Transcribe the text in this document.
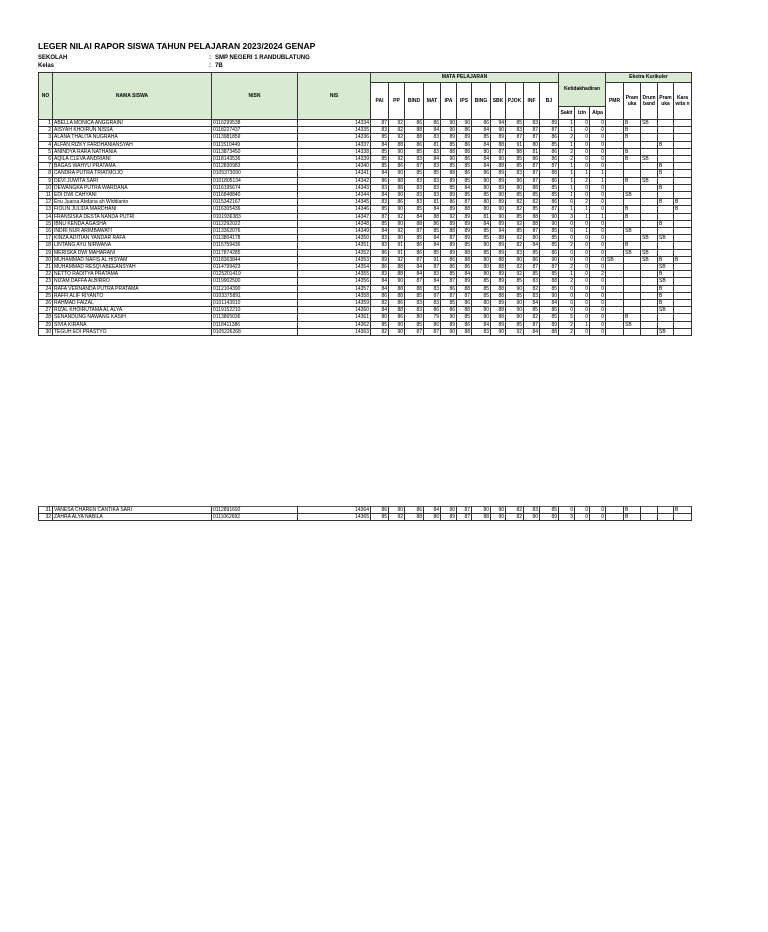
LEGER NILAI RAPOR SISWA TAHUN PELAJARAN 2023/2024 GENAP
SEKOLAH	: SMP NEGERI 1 RANDUBLATUNG
Kelas	: 7B
NO	NAMA SISWA	NISN	NIS	MATA PELAJARAN											Ketidakhadiran			Ekstra Kurikuler				
				PAI	PP	BIND	MAT	IPA	IPS	BING	SBK	PJOK	INF	BJ				PMR	Pram uka	Drum band	Pram uka	Kara wita n
															Sakit	Izin	Alpa					
1	ABELLA MONICA ANGGRAINI	0116299538	14334	87	92	86	86	90	90	86	94	85	83	89	1	0	0		B	SB		
2	AISYAH KHOIRUN NISSA	0118227437	14335	83	92	88	84	90	86	84	90	83	87	87	1	0	0		B			
3	ALANA THALITA NUGRAHA	0113981859	14336	85	92	88	83	89	89	85	89	87	87	86	2	0	0		B			
4	ALFAN RIZKY FARDHANIANSYAH	0111510449	14337	84	88	86	81	85	86	84	88	91	80	85	1	0	0				B	
5	ANINDYA RARA NATHANIA	0113873450	14338	85	90	85	83	88	88	80	87	88	81	86	2	0	0		B			
6	AQILA CLEVA ANDRIANI	0118143536	14339	85	92	83	84	90	86	84	90	85	86	86	2	0	0		B	SB		
7	BAGAS WAHYU PRATAMA	0112830983	14340	85	86	87	83	85	85	84	88	85	87	87	1	0	0				B	
8	CANDRA PUTRA TRIATMOJO	0105373090	14341	84	90	85	85	88	86	86	89	83	87	88	1	1	1				B	
9	DEVI JUWITA SARI	0101805134	14342	86	88	83	83	89	85	80	89	86	87	86	1	2	1		B	SB		
10	DEWANGKA PUTRA WARDANA	0116195674	14343	83	88	83	83	85	84	80	89	80	88	85	1	0	0				B	
11	EDI DWI CAHYANI	0116848840	14344	84	90	83	83	89	85	85	90	85	85	85	1	0	0		SB			
12	Enu Juarsa Abdana ah Widdianto	0115342167	14345	83	86	83	81	86	87	80	89	82	82	86	0	2	0				B	B
13	FIOLIN JULIDA MARDHANI	0116305436	14346	85	90	85	84	89	88	80	90	82	85	87	1	1	0		B			B
14	FRANSISKA DESTA NANDA PUTRI	0101936383	14347	87	92	84	88	92	89	81	90	85	88	90	3	1	1		B			
15	IBNU KENDA AGASHA	0112292022	14348	85	90	88	86	89	89	84	89	92	88	90	0	0	0				B	
16	INDRI NUR ARIMBAWATI	0113362076	14349	84	92	87	85	88	89	85	94	85	87	85	0	1	0		SB			
17	KINZA ADITIAN YANDAR RAFA	0113804178	14350	83	90	85	84	87	89	85	88	92	80	85	0	0	0			SB	SB	
18	LINTANG AYU NIRWANA	0115759436	14351	83	91	86	84	89	85	80	89	82	84	85	2	0	0		B			
19	MERISKA DWI MAHARANI	0117874285	14352	86	91	86	85	89	88	85	89	83	85	86	0	0	0		SB	SB		
20	MUHAMMAD NAFIS AL HISYAM	0118363844	14353	89	92	87	91	86	88	80	88	80	86	90	0	0	0	SB		SB	B	B
21	MUHAMMAD RESQI ABEEANSYAH	0114799423	14354	86	88	84	87	86	86	80	88	92	87	87	2	0	0				SB	
22	NETTO RADITYA PRATAMA	0125201419	14355	83	88	84	83	85	84	80	89	92	85	85	1	0	2				B	
23	NIZAM DAFFA ALBIRRO	0119902500	14356	84	90	87	84	87	89	85	89	85	83	88	2	0	0				SB	
24	RAFA VERNANDA PUTRA PRATAMA	0112104390	14357	84	88	88	83	86	88	85	88	90	82	85	0	0	0				B	
25	RAFFI ALIF RIYANTO	0103375891	14358	86	88	85	87	87	87	85	88	85	83	90	0	0	0				B	
26	RAHMAD FAIZAL	0101143910	14359	82	86	83	83	85	86	80	89	90	84	84	0	0	0				B	
27	RIZAL KHOIRUTAMA AL ALYA	0119152210	14360	84	88	83	86	86	88	80	88	90	85	86	0	0	0				SB	
28	SENANDUNG NAWANG KASIH	0113865036	14361	80	86	80	79	90	85	80	88	80	82	85	5	0	0		B			
29	SIVIA KIRANA	0118411386	14362	85	90	85	86	89	86	84	89	85	87	89	2	1	0		SB			
30	TEGUH EDI PRASTYO	0105226268	14363	82	90	87	87	90	88	83	90	92	84	88	2	0	0				SB	
31	VANESA CHAREN CANTIKA SARI	0112891692	14364	86	90	86	84	90	87	80	90	82	83	85	0	0	0		B			B
32	ZAHRA ALYA NABILA	0111062692	14365	85	92	88	86	89	87	88	90	82	80	89	3	0	0		B			
